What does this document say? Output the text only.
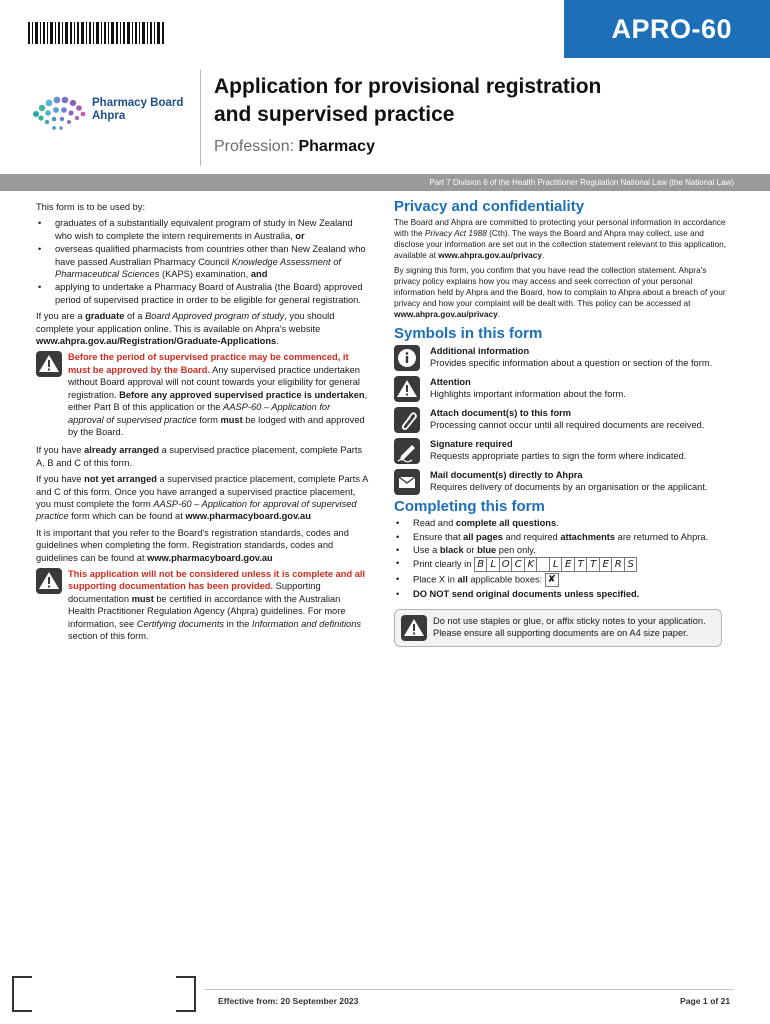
APRO-60
Pharmacy Board
Ahpra
Application for provisional registration
and supervised practice
Profession: Pharmacy
Part 7 Division 6 of the Health Practitioner Regulation National Law (the National Law)

This form is to be used by:

• graduates of a substantially equivalent program of study in New Zealand who wish to complete the intern requirements in Australia, or
• overseas qualified pharmacists from countries other than New Zealand who have passed Australian Pharmacy Council Knowledge Assessment of Pharmaceutical Sciences (KAPS) examination, and
• applying to undertake a Pharmacy Board of Australia (the Board) approved period of supervised practice in order to be eligible for general registration.

If you are a graduate of a Board Approved program of study, you should complete your application online. This is available on Ahpra's website www.ahpra.gov.au/Registration/Graduate-Applications.

Before the period of supervised practice may be commenced, it must be approved by the Board. Any supervised practice undertaken without Board approval will not count towards your eligibility for general registration. Before any approved supervised practice is undertaken, either Part B of this application or the AASP-60 – Application for approval of supervised practice form must be lodged with and approved by the Board.

If you have already arranged a supervised practice placement, complete Parts A, B and C of this form.

If you have not yet arranged a supervised practice placement, complete Parts A and C of this form. Once you have arranged a supervised practice placement, you must complete the form AASP-60 – Application for approval of supervised practice form which can be found at www.pharmacyboard.gov.au

It is important that you refer to the Board's registration standards, codes and guidelines when completing the form. Registration standards, codes and guidelines can be found at www.pharmacyboard.gov.au

This application will not be considered unless it is complete and all supporting documentation has been provided. Supporting documentation must be certified in accordance with the Australian Health Practitioner Regulation Agency (Ahpra) guidelines. For more information, see Certifying documents in the Information and definitions section of this form.
Privacy and confidentiality

The Board and Ahpra are committed to protecting your personal information in accordance with the Privacy Act 1988 (Cth). The ways the Board and Ahpra may collect, use and disclose your information are set out in the collection statement relevant to this application, available at www.ahpra.gov.au/privacy.

By signing this form, you confirm that you have read the collection statement. Ahpra's privacy policy explains how you may access and seek correction of your personal information held by Ahpra and the Board, how to complain to Ahpra about a breach of your privacy and how your complaint will be dealt with. This policy can be accessed at www.ahpra.gov.au/privacy.

Symbols in this form
Additional information
Provides specific information about a question or section of the form.
Attention
Highlights important information about the form.
Attach document(s) to this form
Processing cannot occur until all required documents are received.
Signature required
Requests appropriate parties to sign the form where indicated.
Mail document(s) directly to Ahpra
Requires delivery of documents by an organisation or the applicant.
Completing this form
• Read and complete all questions.
• Ensure that all pages and required attachments are returned to Ahpra.
• Use a black or blue pen only.
• Print clearly in B L O C K	L E T T E R S
• Place X in all applicable boxes: ✘
• DO NOT send original documents unless specified.
Do not use staples or glue, or affix sticky notes to your application.
Please ensure all supporting documents are on A4 size paper.
Effective from: 20 September 2023	Page 1 of 21
